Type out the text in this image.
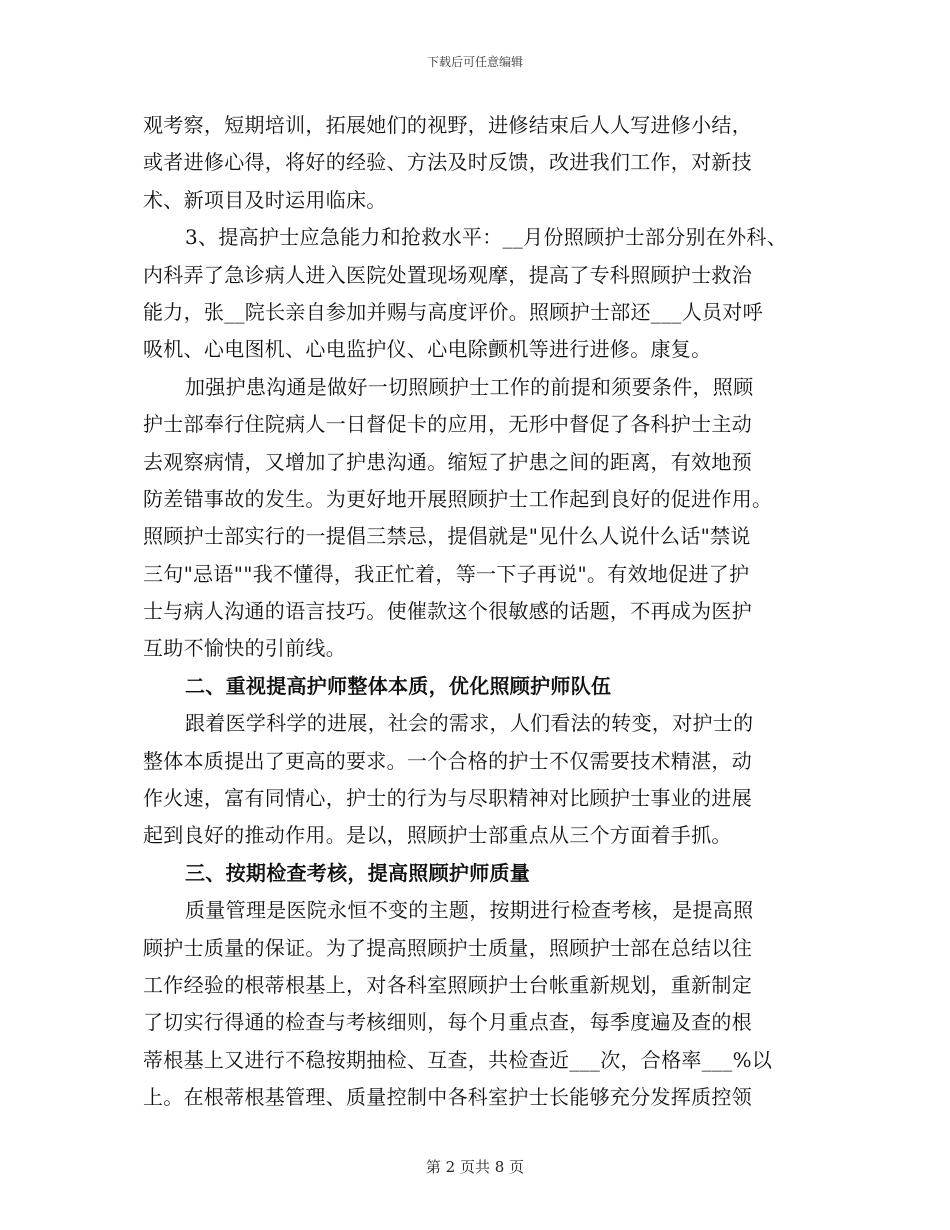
下载后可任意编辑
观考察，短期培训，拓展她们的视野，进修结束后人人写进修小结，
或者进修心得，将好的经验、方法及时反馈，改进我们工作，对新技
术、新项目及时运用临床。
3、提高护士应急能力和抢救水平：__月份照顾护士部分别在外科、
内科弄了急诊病人进入医院处置现场观摩，提高了专科照顾护士救治
能力，张__院长亲自参加并赐与高度评价。照顾护士部还___人员对呼
吸机、心电图机、心电监护仪、心电除颤机等进行进修。康复。
加强护患沟通是做好一切照顾护士工作的前提和须要条件，照顾
护士部奉行住院病人一日督促卡的应用，无形中督促了各科护士主动
去观察病情，又增加了护患沟通。缩短了护患之间的距离，有效地预
防差错事故的发生。为更好地开展照顾护士工作起到良好的促进作用。
照顾护士部实行的一提倡三禁忌，提倡就是"见什么人说什么话"禁说
三句"忌语""我不懂得，我正忙着，等一下子再说"。有效地促进了护
士与病人沟通的语言技巧。使催款这个很敏感的话题，不再成为医护
互助不愉快的引前线。
二、重视提高护师整体本质，优化照顾护师队伍
跟着医学科学的进展，社会的需求，人们看法的转变，对护士的
整体本质提出了更高的要求。一个合格的护士不仅需要技术精湛，动
作火速，富有同情心，护士的行为与尽职精神对比顾护士事业的进展
起到良好的推动作用。是以，照顾护士部重点从三个方面着手抓。
三、按期检查考核，提高照顾护师质量
质量管理是医院永恒不变的主题，按期进行检查考核，是提高照
顾护士质量的保证。为了提高照顾护士质量，照顾护士部在总结以往
工作经验的根蒂根基上，对各科室照顾护士台帐重新规划，重新制定
了切实行得通的检查与考核细则，每个月重点查，每季度遍及查的根
蒂根基上又进行不稳按期抽检、互查，共检查近___次，合格率___%以
上。在根蒂根基管理、质量控制中各科室护士长能够充分发挥质控领
第 2 页共 8 页
